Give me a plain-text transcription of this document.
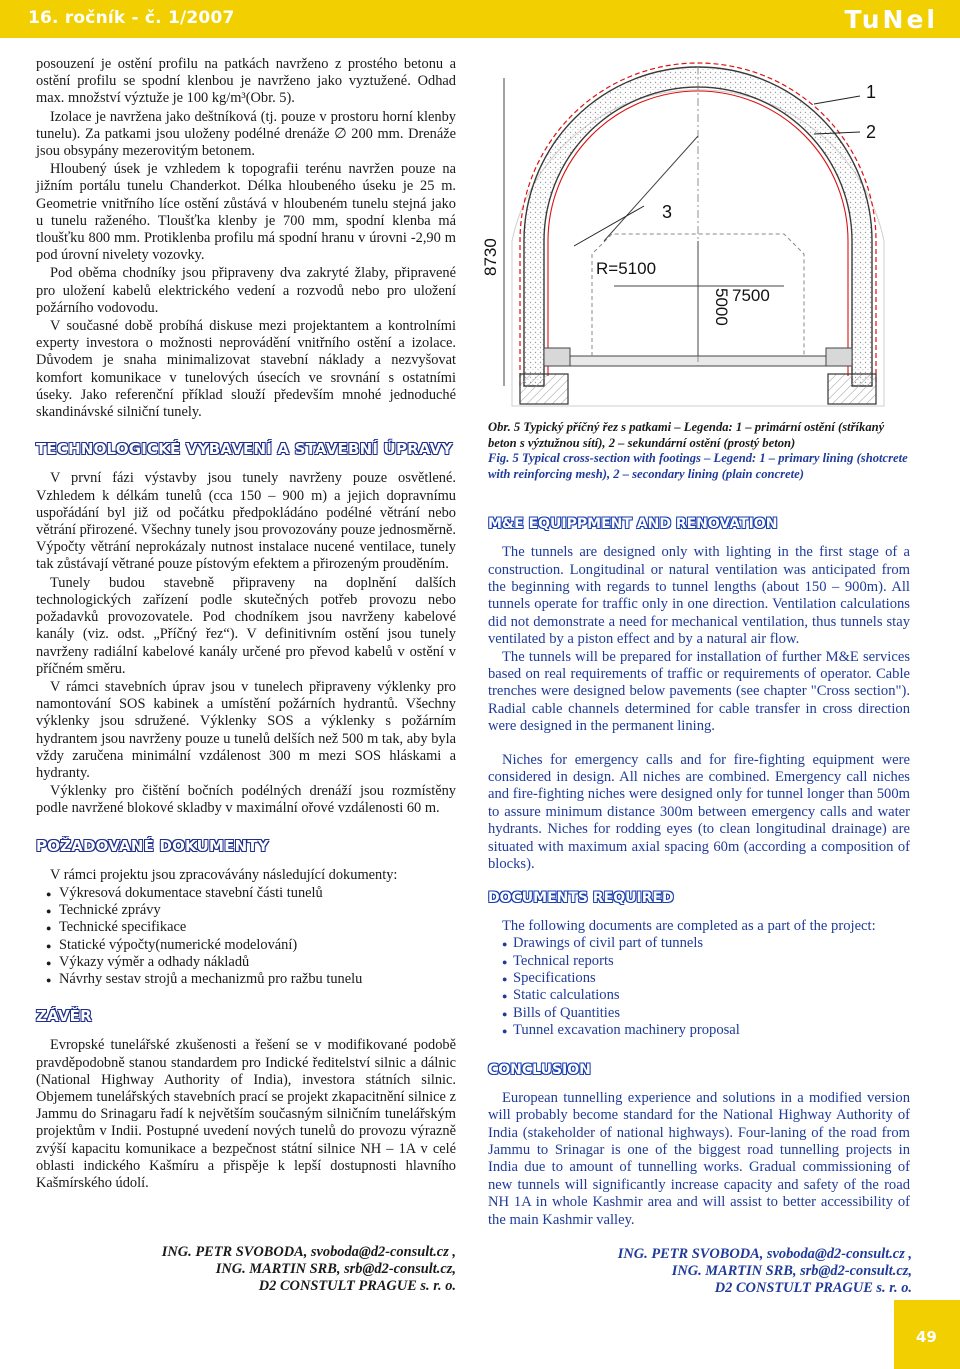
16. ročník - č. 1/2007	TuNel

posouzení je ostění profilu na patkách navrženo z prostého betonu a ostění profilu se spodní klenbou je navrženo jako vyztužené. Odhad max. množství výztuže je 100 kg/m³(Obr. 5).

Izolace je navržena jako deštníková (tj. pouze v prostoru horní klenby tunelu). Za patkami jsou uloženy podélné drenáže ∅ 200 mm. Drenáže jsou obsypány mezerovitým betonem.

Hloubený úsek je vzhledem k topografii terénu navržen pouze na jižním portálu tunelu Chanderkot. Délka hloubeného úseku je 25 m. Geometrie vnitřního líce ostění zůstává v hloubeném tunelu stejná jako u tunelu raženého. Tloušťka klenby je 700 mm, spodní klenba má tloušťku 800 mm. Protiklenba profilu má spodní hranu v úrovni -2,90 m pod úrovní nivelety vozovky.

Pod oběma chodníky jsou připraveny dva zakryté žlaby, připravené pro uložení kabelů elektrického vedení a rozvodů nebo pro uložení požárního vodovodu.

V současné době probíhá diskuse mezi projektantem a kontrolními experty investora o možnosti neprovádění vnitřního ostění a izolace. Důvodem je snaha minimalizovat stavební náklady a nezvyšovat komfort komunikace v tunelových úsecích ve srovnání s ostatními úseky. Jako referenční příklad slouží především mnohé jednoduché skandinávské silniční tunely.

TECHNOLOGICKÉ VYBAVENÍ A STAVEBNÍ ÚPRAVY

V první fázi výstavby jsou tunely navrženy pouze osvětlené. Vzhledem k délkám tunelů (cca 150 – 900 m) a jejich dopravnímu uspořádání byl již od počátku předpokládáno podélné větrání nebo větrání přirozené. Všechny tunely jsou provozovány pouze jednosměrně. Výpočty větrání neprokázaly nutnost instalace nucené ventilace, tunely tak zůstávají větrané pouze pístovým efektem a přirozeným prouděním.

Tunely budou stavebně připraveny na doplnění dalších technologických zařízení podle skutečných potřeb provozu nebo požadavků provozovatele. Pod chodníkem jsou navrženy kabelové kanály (viz. odst. „Příčný řez“). V definitivním ostění jsou tunely navrženy radiální kabelové kanály určené pro převod kabelů v ostění v příčném směru.

V rámci stavebních úprav jsou v tunelech připraveny výklenky pro namontování SOS kabinek a umístění požárních hydrantů. Všechny výklenky jsou sdružené. Výklenky SOS a výklenky s požárním hydrantem jsou navrženy pouze u tunelů delších než 500 m tak, aby byla vždy zaručena minimální vzdálenost 300 m mezi SOS hláskami a hydranty.

Výklenky pro čištění bočních podélných drenáží jsou rozmístěny podle navržené blokové skladby v maximální ořové vzdálenosti 60 m.

POŽADOVANÉ DOKUMENTY

V rámci projektu jsou zpracovávány následující dokumenty:

● Výkresová dokumentace stavební části tunelů
● Technické zprávy
● Technické specifikace
● Statické výpočty(numerické modelování)
● Výkazy výměr a odhady nákladů
● Návrhy sestav strojů a mechanizmů pro ražbu tunelu
ZÁVĚR

Evropské tunelářské zkušenosti a řešení se v modifikované podobě pravděpodobně stanou standardem pro Indické ředitelství silnic a dálnic (National Highway Authority of India), investora státních silnic. Objemem tunelářských stavebních prací se projekt zkapacitnění silnice z Jammu do Srinagaru řadí k největším současným silničním tunelářským projektům v Indii. Postupné uvedení nových tunelů do provozu výrazně zvýší kapacitu komunikace a bezpečnost státní silnice NH – 1A v celé oblasti indického Kašmíru a přispěje k lepší dostupnosti hlavního Kašmírského údolí.

1
2
3
8730	R=5100
5000 7500
Obr. 5 Typický příčný řez s patkami – Legenda: 1 – primární ostění (stříkaný beton s výztužnou sítí), 2 – sekundární ostění (prostý beton)
Fig. 5 Typical cross-section with footings – Legend: 1 – primary lining (shotcrete with reinforcing mesh), 2 – secondary lining (plain concrete)
M&E EQUIPPMENT AND RENOVATION

The tunnels are designed only with lighting in the first stage of a construction. Longitudinal or natural ventilation was anticipated from the beginning with regards to tunnel lengths (about 150 – 900m). All tunnels operate for traffic only in one direction. Ventilation calculations did not demonstrate a need for mechanical ventilation, thus tunnels stay ventilated by a piston effect and by a natural air flow.

The tunnels will be prepared for installation of further M&E services based on real requirements of traffic or requirements of operator. Cable trenches were designed below pavements (see chapter "Cross section"). Radial cable channels determined for cable transfer in cross direction were designed in the permanent lining.

Niches for emergency calls and for fire-fighting equipment were considered in design. All niches are combined. Emergency call niches and fire-fighting niches were designed only for tunnel longer than 500m to assure minimum distance 300m between emergency calls and water hydrants. Niches for rodding eyes (to clean longitudinal drainage) are situated with maximum axial spacing 60m (according a composition of blocks).

DOCUMENTS REQUIRED

The following documents are completed as a part of the project:

● Drawings of civil part of tunnels
● Technical reports
● Specifications
● Static calculations
● Bills of Quantities
● Tunnel excavation machinery proposal
CONCLUSION

European tunnelling experience and solutions in a modified version will probably become standard for the National Highway Authority of India (stakeholder of national highways). Four-laning of the road from Jammu to Srinagar is one of the biggest road tunnelling projects in India due to amount of tunnelling works. Gradual commissioning of new tunnels will significantly increase capacity and safety of the road NH 1A in whole Kashmir area and will assist to better accessibility of the main Kashmir valley.

ING. PETR SVOBODA, svoboda@d2-consult.cz ,
ING. MARTIN SRB, srb@d2-consult.cz,
D2 CONSTULT PRAGUE s. r. o.
ING. PETR SVOBODA, svoboda@d2-consult.cz ,
ING. MARTIN SRB, srb@d2-consult.cz,
D2 CONSTULT PRAGUE s. r. o.
49
